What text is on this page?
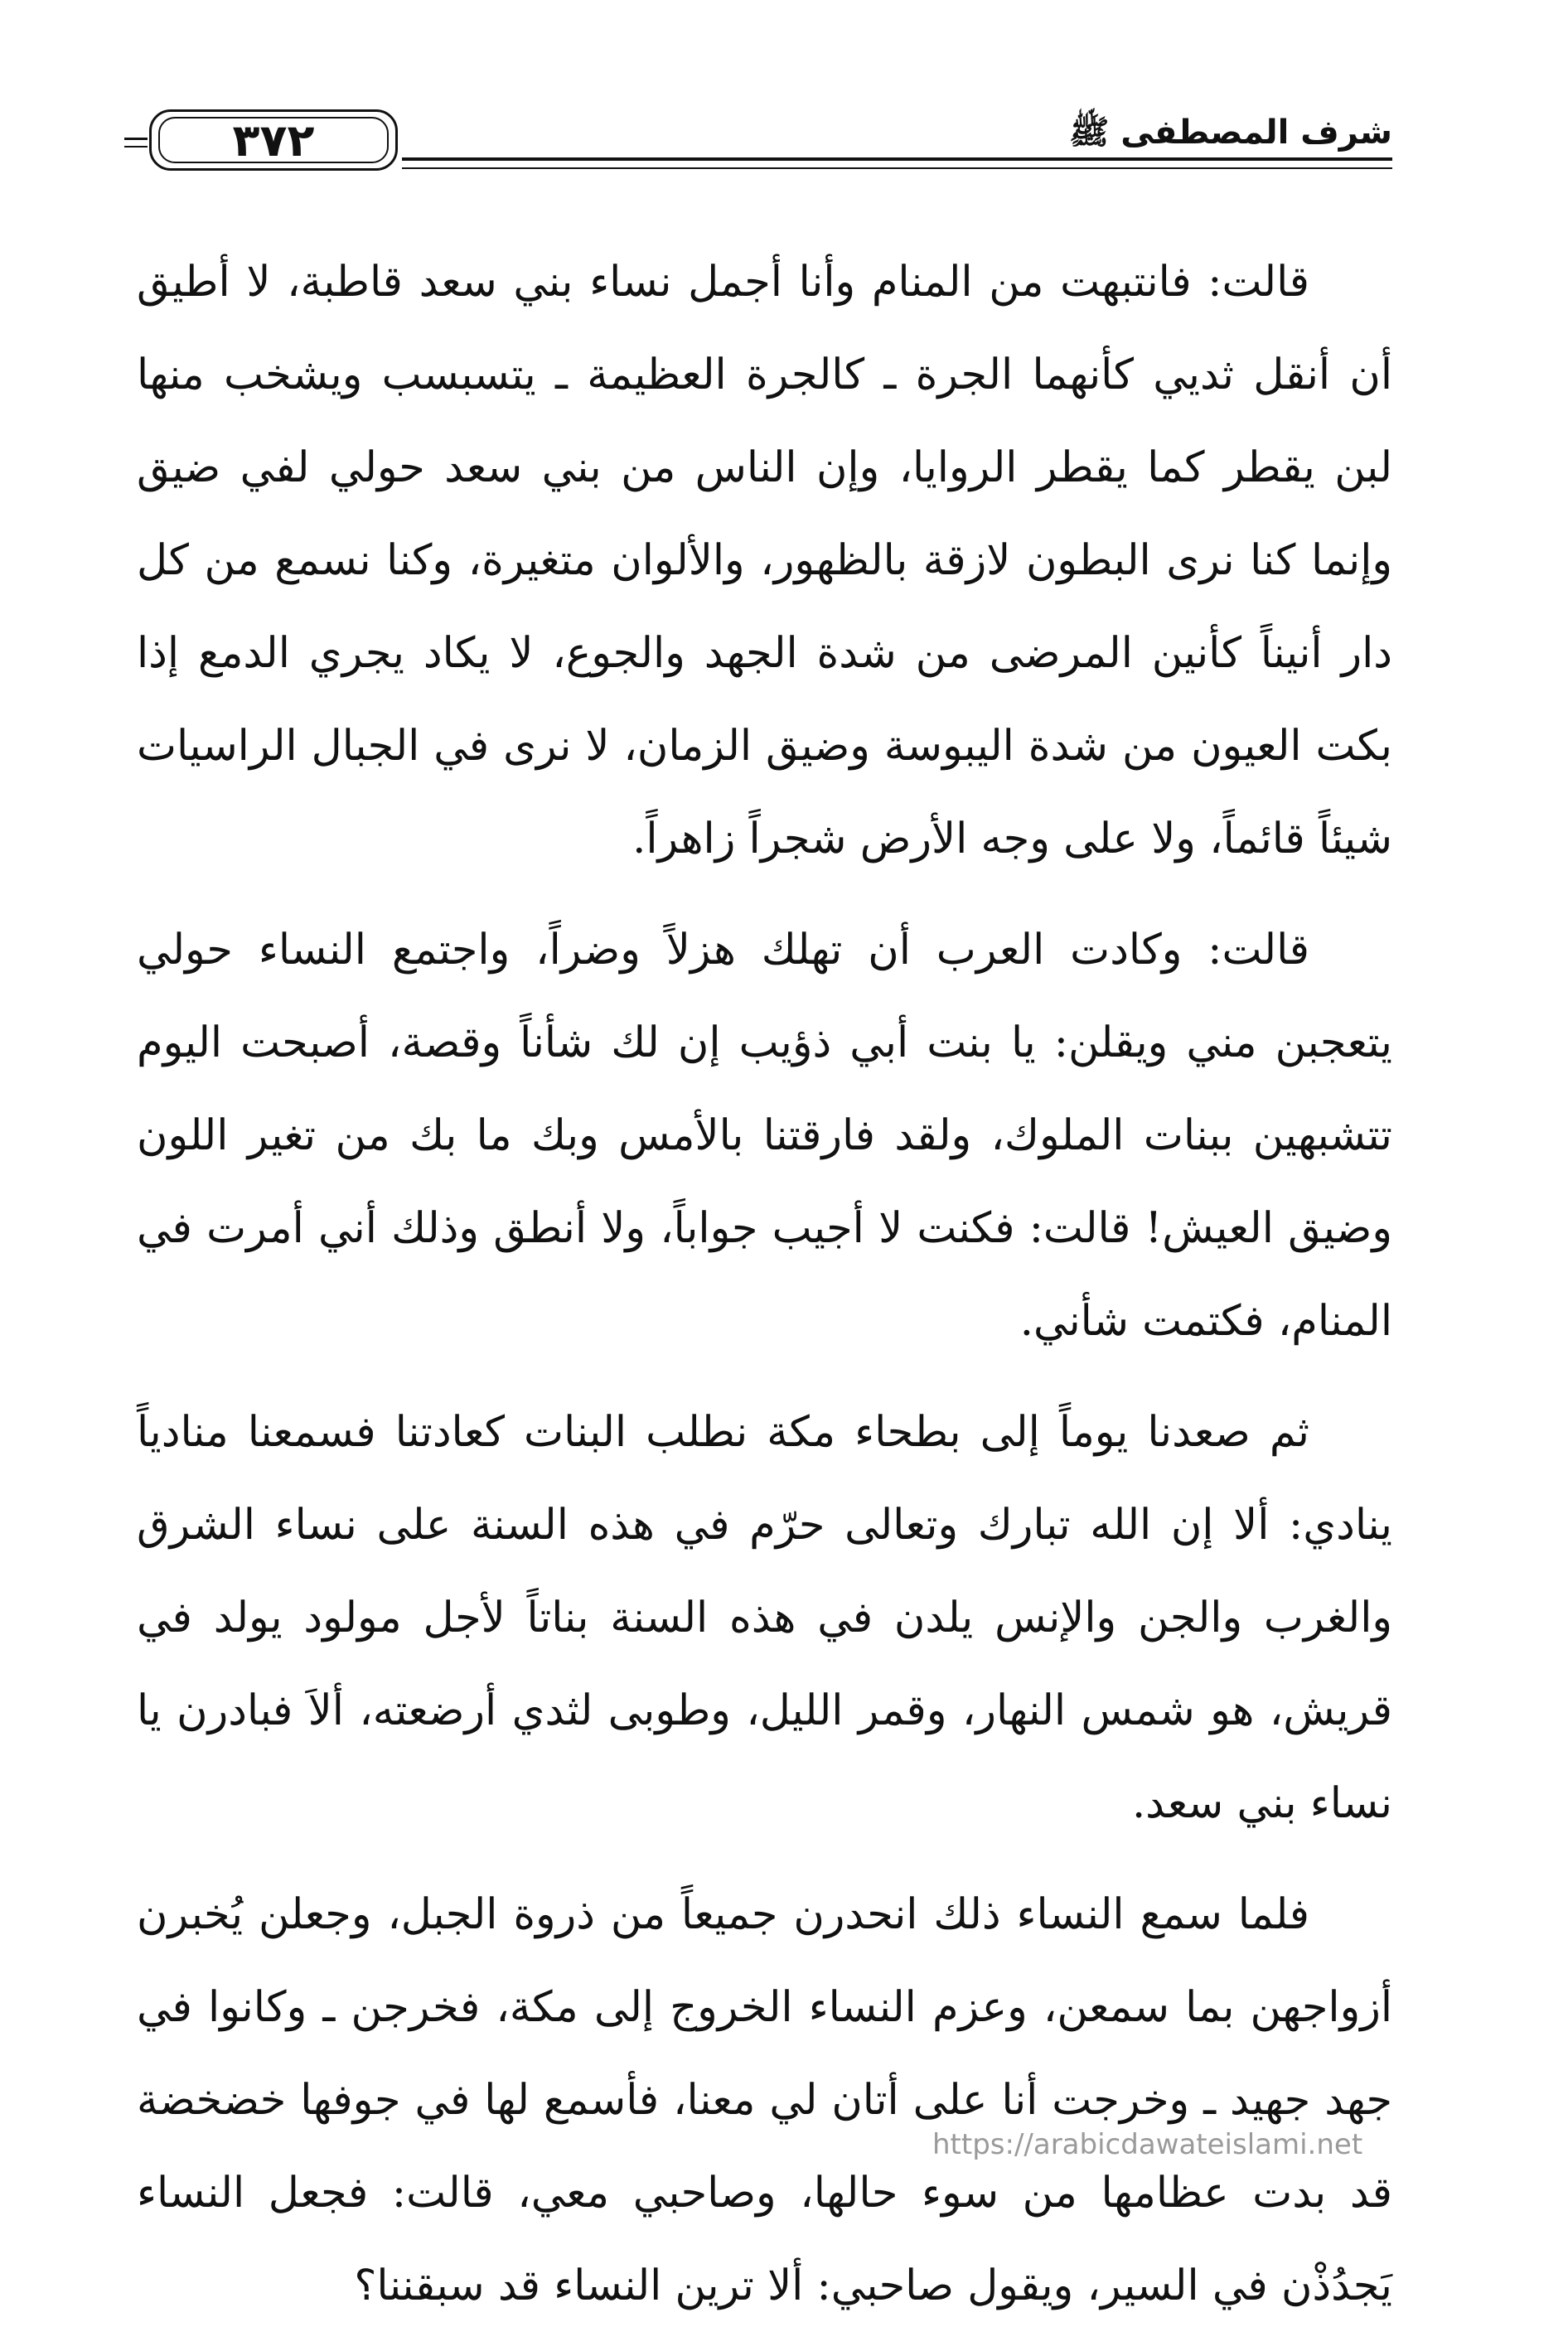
٣٧٢	شرف المصطفى ﷺ

قالت: فانتبهت من المنام وأنا أجمل نساء بني سعد قاطبة، لا أطيق أن أنقل ثديي كأنهما الجرة ـ كالجرة العظيمة ـ يتسبسب ويشخب منها لبن يقطر كما يقطر الروايا، وإن الناس من بني سعد حولي لفي ضيق وإنما كنا نرى البطون لازقة بالظهور، والألوان متغيرة، وكنا نسمع من كل دار أنيناً كأنين المرضى من شدة الجهد والجوع، لا يكاد يجري الدمع إذا بكت العيون من شدة اليبوسة وضيق الزمان، لا نرى في الجبال الراسيات شيئاً قائماً، ولا على وجه الأرض شجراً زاهراً.

قالت: وكادت العرب أن تهلك هزلاً وضراً، واجتمع النساء حولي يتعجبن مني ويقلن: يا بنت أبي ذؤيب إن لك شأناً وقصة، أصبحت اليوم تتشبهين ببنات الملوك، ولقد فارقتنا بالأمس وبك ما بك من تغير اللون وضيق العيش! قالت: فكنت لا أجيب جواباً، ولا أنطق وذلك أني أمرت في المنام، فكتمت شأني.

ثم صعدنا يوماً إلى بطحاء مكة نطلب البنات كعادتنا فسمعنا منادياً ينادي: ألا إن الله تبارك وتعالى حرّم في هذه السنة على نساء الشرق والغرب والجن والإنس يلدن في هذه السنة بناتاً لأجل مولود يولد في قريش، هو شمس النهار، وقمر الليل، وطوبى لثدي أرضعته، ألاَ فبادرن يا نساء بني سعد.

فلما سمع النساء ذلك انحدرن جميعاً من ذروة الجبل، وجعلن يُخبرن أزواجهن بما سمعن، وعزم النساء الخروج إلى مكة، فخرجن ـ وكانوا في جهد جهيد ـ وخرجت أنا على أتان لي معنا، فأسمع لها في جوفها خضخضة قد بدت عظامها من سوء حالها، وصاحبي معي، قالت: فجعل النساء يَجدُذْن في السير، ويقول صاحبي: ألا ترين النساء قد سبقننا؟

https://arabicdawateislami.net
